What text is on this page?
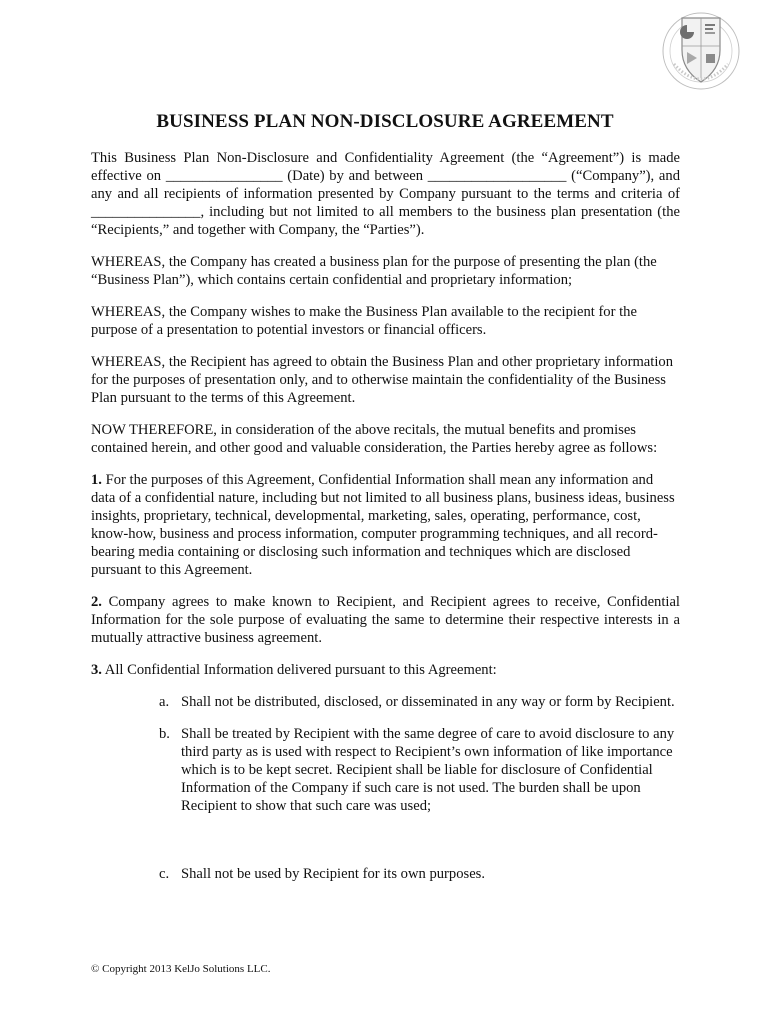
BUSINESS PLAN NON-DISCLOSURE AGREEMENT

This Business Plan Non-Disclosure and Confidentiality Agreement (the “Agreement”) is made effective on ________________ (Date) by and between ___________________ (“Company”), and any and all recipients of information presented by Company pursuant to the terms and criteria of _______________, including but not limited to all members to the business plan presentation (the “Recipients,” and together with Company, the “Parties”).

WHEREAS, the Company has created a business plan for the purpose of presenting the plan (the “Business Plan”), which contains certain confidential and proprietary information;

WHEREAS, the Company wishes to make the Business Plan available to the recipient for the purpose of a presentation to potential investors or financial officers.

WHEREAS, the Recipient has agreed to obtain the Business Plan and other proprietary information for the purposes of presentation only, and to otherwise maintain the confidentiality of the Business Plan pursuant to the terms of this Agreement.

NOW THEREFORE, in consideration of the above recitals, the mutual benefits and promises contained herein, and other good and valuable consideration, the Parties hereby agree as follows:

1. For the purposes of this Agreement, Confidential Information shall mean any information and data of a confidential nature, including but not limited to all business plans, business ideas, business insights, proprietary, technical, developmental, marketing, sales, operating, performance, cost, know-how, business and process information, computer programming techniques, and all record-bearing media containing or disclosing such information and techniques which are disclosed pursuant to this Agreement.

2. Company agrees to make known to Recipient, and Recipient agrees to receive, Confidential Information for the sole purpose of evaluating the same to determine their respective interests in a mutually attractive business agreement.

3. All Confidential Information delivered pursuant to this Agreement:

a. Shall not be distributed, disclosed, or disseminated in any way or form by Recipient.

b. Shall be treated by Recipient with the same degree of care to avoid disclosure to any third party as is used with respect to Recipient’s own information of like importance which is to be kept secret. Recipient shall be liable for disclosure of Confidential Information of the Company if such care is not used. The burden shall be upon Recipient to show that such care was used;

c. Shall not be used by Recipient for its own purposes.

© Copyright 2013 KelJo Solutions LLC.
